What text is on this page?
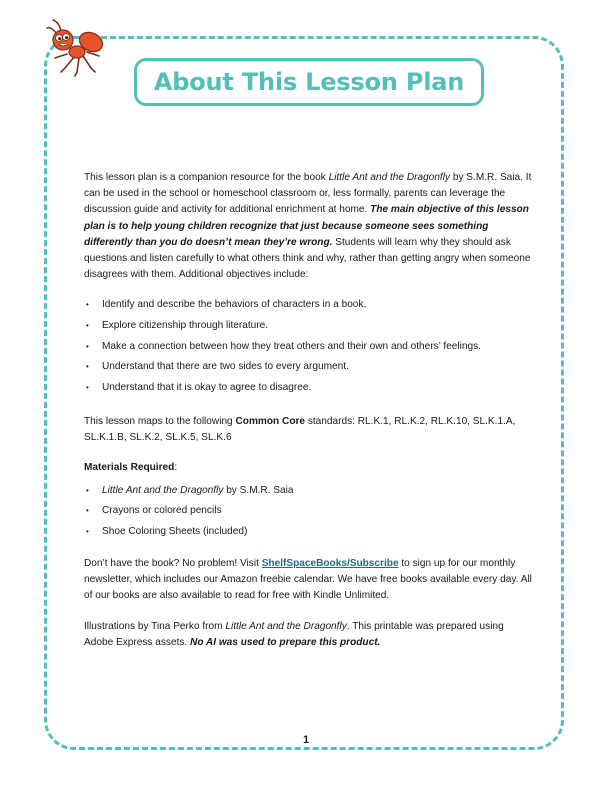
About This Lesson Plan

This lesson plan is a companion resource for the book Little Ant and the Dragonfly by S.M.R. Saia. It can be used in the school or homeschool classroom or, less formally, parents can leverage the discussion guide and activity for additional enrichment at home. The main objective of this lesson plan is to help young children recognize that just because someone sees something differently than you do doesn’t mean they’re wrong. Students will learn why they should ask questions and listen carefully to what others think and why, rather than getting angry when someone disagrees with them. Additional objectives include:

• Identify and describe the behaviors of characters in a book.
• Explore citizenship through literature.
• Make a connection between how they treat others and their own and others’ feelings.
• Understand that there are two sides to every argument.
• Understand that it is okay to agree to disagree.

This lesson maps to the following Common Core standards: RL.K.1, RL.K.2, RL.K.10, SL.K.1.A, SL.K.1.B, SL.K.2, SL.K.5, SL.K.6

Materials Required:

• Little Ant and the Dragonfly by S.M.R. Saia
• Crayons or colored pencils
• Shoe Coloring Sheets (included)

Don’t have the book? No problem! Visit ShelfSpaceBooks/Subscribe to sign up for our monthly newsletter, which includes our Amazon freebie calendar. We have free books available every day. All of our books are also available to read for free with Kindle Unlimited.

Illustrations by Tina Perko from Little Ant and the Dragonfly. This printable was prepared using Adobe Express assets. No AI was used to prepare this product.

1
